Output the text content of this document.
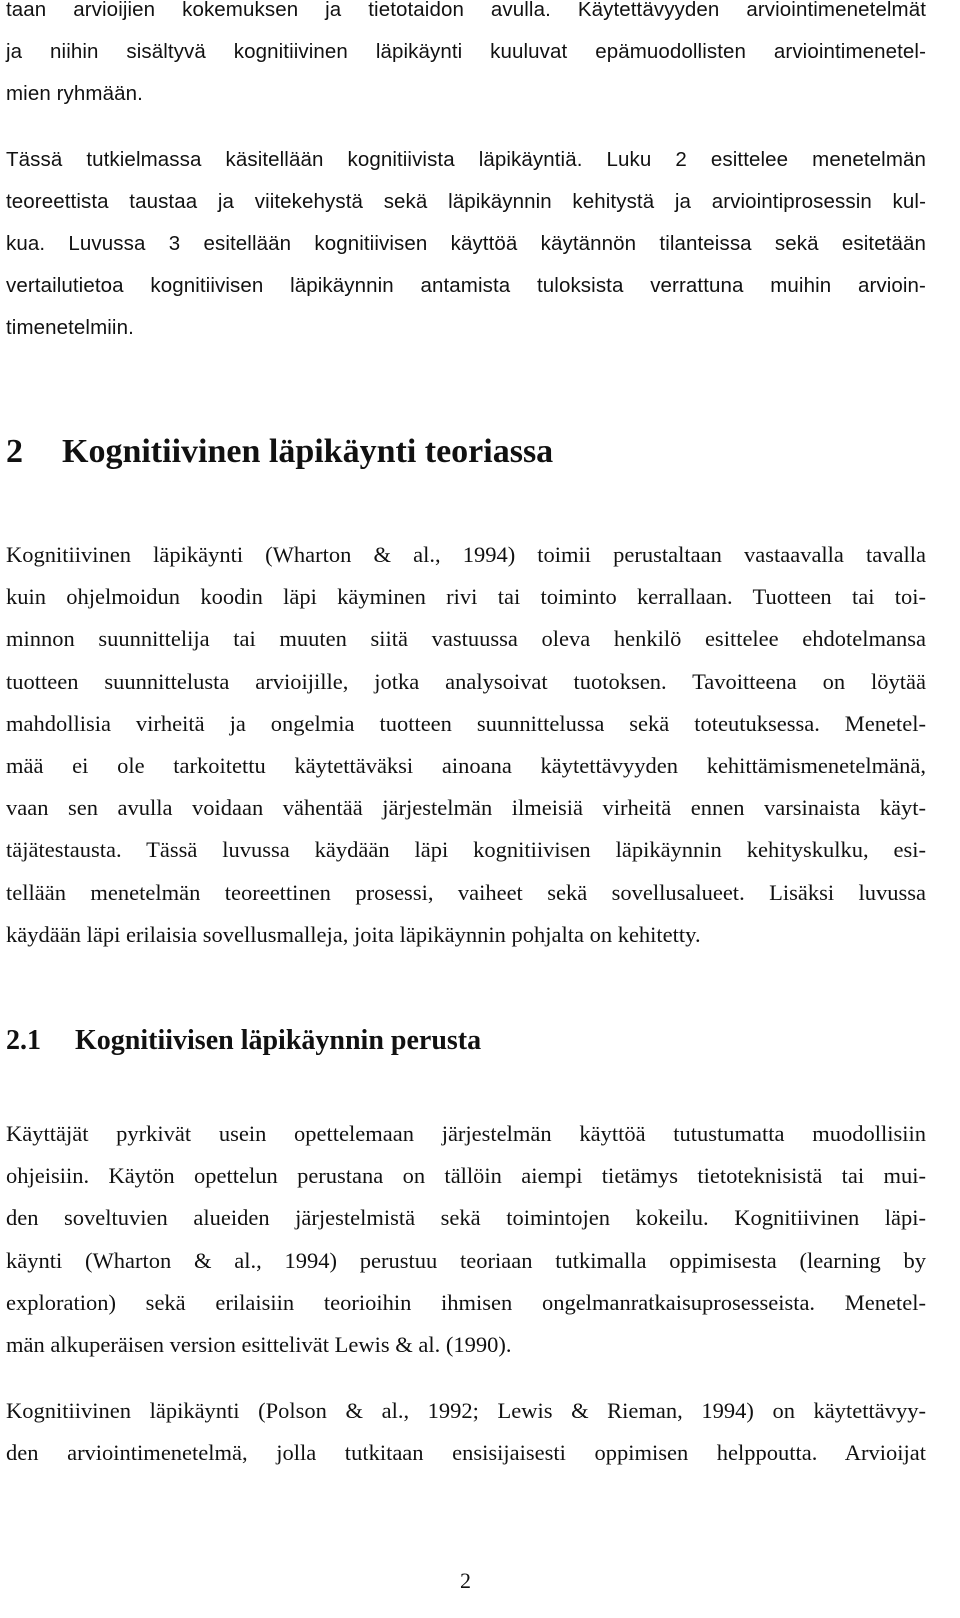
taan arvioijien kokemuksen ja tietotaidon avulla. Käytettävyyden arviointimenetelmät
ja niihin sisältyvä kognitiivinen läpikäynti kuuluvat epämuodollisten arviointimenetel-
mien ryhmään.
Tässä tutkielmassa käsitellään kognitiivista läpikäyntiä. Luku 2 esittelee menetelmän
teoreettista taustaa ja viitekehystä sekä läpikäynnin kehitystä ja arviointiprosessin kul-
kua. Luvussa 3 esitellään kognitiivisen käyttöä käytännön tilanteissa sekä esitetään
vertailutietoa kognitiivisen läpikäynnin antamista tuloksista verrattuna muihin arvioin-
timenetelmiin.
2 Kognitiivinen läpikäynti teoriassa
Kognitiivinen läpikäynti (Wharton & al., 1994) toimii perustaltaan vastaavalla tavalla
kuin ohjelmoidun koodin läpi käyminen rivi tai toiminto kerrallaan. Tuotteen tai toi-
minnon suunnittelija tai muuten siitä vastuussa oleva henkilö esittelee ehdotelmansa
tuotteen suunnittelusta arvioijille, jotka analysoivat tuotoksen. Tavoitteena on löytää
mahdollisia virheitä ja ongelmia tuotteen suunnittelussa sekä toteutuksessa. Menetel-
mää ei ole tarkoitettu käytettäväksi ainoana käytettävyyden kehittämismenetelmänä,
vaan sen avulla voidaan vähentää järjestelmän ilmeisiä virheitä ennen varsinaista käyt-
täjätestausta. Tässä luvussa käydään läpi kognitiivisen läpikäynnin kehityskulku, esi-
tellään menetelmän teoreettinen prosessi, vaiheet sekä sovellusalueet. Lisäksi luvussa
käydään läpi erilaisia sovellusmalleja, joita läpikäynnin pohjalta on kehitetty.
2.1 Kognitiivisen läpikäynnin perusta
Käyttäjät pyrkivät usein opettelemaan järjestelmän käyttöä tutustumatta muodollisiin
ohjeisiin. Käytön opettelun perustana on tällöin aiempi tietämys tietoteknisistä tai mui-
den soveltuvien alueiden järjestelmistä sekä toimintojen kokeilu. Kognitiivinen läpi-
käynti (Wharton & al., 1994) perustuu teoriaan tutkimalla oppimisesta (learning by
exploration) sekä erilaisiin teorioihin ihmisen ongelmanratkaisuprosesseista. Menetel-
män alkuperäisen version esittelivät Lewis & al. (1990).
Kognitiivinen läpikäynti (Polson & al., 1992; Lewis & Rieman, 1994) on käytettävyy-
den arviointimenetelmä, jolla tutkitaan ensisijaisesti oppimisen helppoutta. Arvioijat
2
